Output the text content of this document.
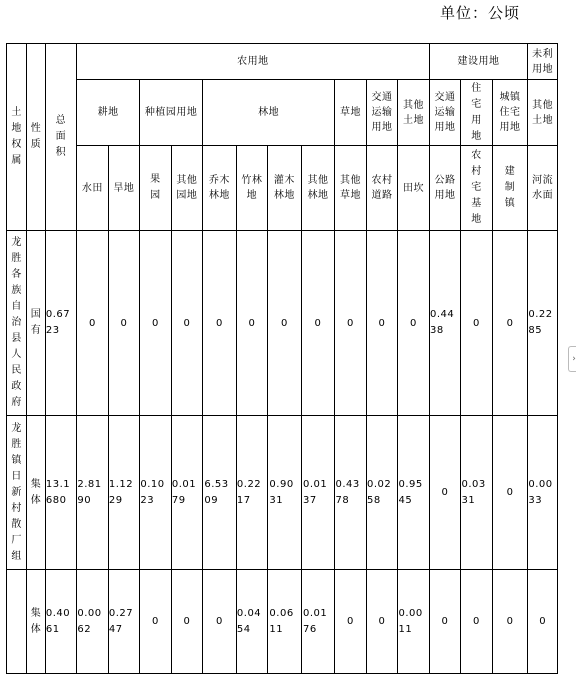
单位：公顷
›
土地权属	性质	总面积	农用地											建设用地			未利用地

			耕地		种植园用地		林地				草地	交通运输用地	其他土地	交通运输用地	住宅用地	城镇住宅用地	其他土地

			水田	旱地	果园	其他园地	乔木林地	竹林地	灌木林地	其他林地	其他草地	农村道路	田坎	公路用地	农村宅基地	建制镇	河流水面

龙胜各族自治县人民政府	国有	0.6723	0	0	0	0	0	0	0	0	0	0	0	0.4438	0	0	0.2285

龙胜镇日新村散厂组	集体	13.1680	2.8190	1.1229	0.1023	0.0179	6.5309	0.2217	0.9031	0.0137	0.4378	0.0258	0.9545	0	0.0331	0	0.0033

	集体	0.4061	0.0062	0.2747	0	0	0	0.0454	0.0611	0.0176	0	0	0.0011	0	0	0	0
